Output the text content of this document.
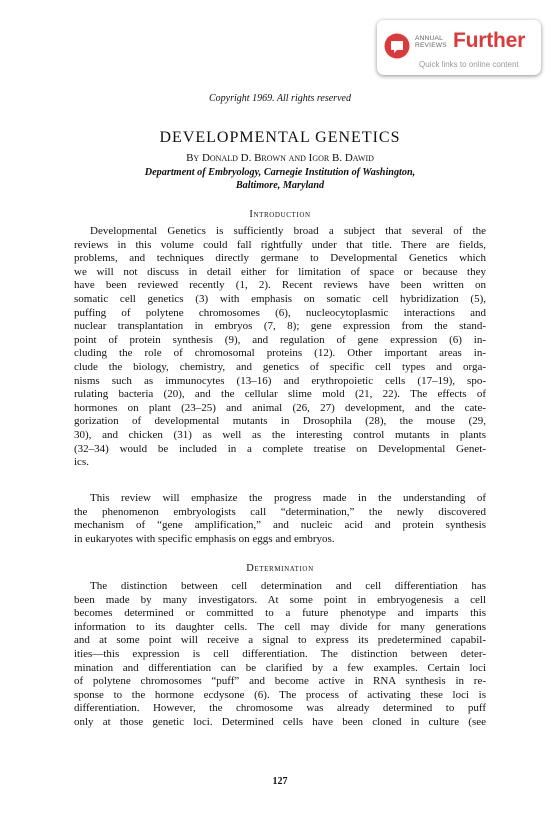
ANNUAL
REVIEWS Further
Quick links to online content
Copyright 1969. All rights reserved
DEVELOPMENTAL GENETICS
By Donald D. Brown and Igor B. Dawid
Department of Embryology, Carnegie Institution of Washington,
Baltimore, Maryland
Introduction
Developmental Genetics is sufficiently broad a subject that several of the
reviews in this volume could fall rightfully under that title. There are fields,
problems, and techniques directly germane to Developmental Genetics which
we will not discuss in detail either for limitation of space or because they
have been reviewed recently (1, 2). Recent reviews have been written on
somatic cell genetics (3) with emphasis on somatic cell hybridization (5),
puffing of polytene chromosomes (6), nucleocytoplasmic interactions and
nuclear transplantation in embryos (7, 8); gene expression from the stand-
point of protein synthesis (9), and regulation of gene expression (6) in-
cluding the role of chromosomal proteins (12). Other important areas in-
clude the biology, chemistry, and genetics of specific cell types and orga-
nisms such as immunocytes (13–16) and erythropoietic cells (17–19), spo-
rulating bacteria (20), and the cellular slime mold (21, 22). The effects of
hormones on plant (23–25) and animal (26, 27) development, and the cate-
gorization of developmental mutants in Drosophila (28), the mouse (29,
30), and chicken (31) as well as the interesting control mutants in plants
(32–34) would be included in a complete treatise on Developmental Genet-
ics.
This review will emphasize the progress made in the understanding of
the phenomenon embryologists call “determination,” the newly discovered
mechanism of “gene amplification,” and nucleic acid and protein synthesis
in eukaryotes with specific emphasis on eggs and embryos.
Determination
The distinction between cell determination and cell differentiation has
been made by many investigators. At some point in embryogenesis a cell
becomes determined or committed to a future phenotype and imparts this
information to its daughter cells. The cell may divide for many generations
and at some point will receive a signal to express its predetermined capabil-
ities—this expression is cell differentiation. The distinction between deter-
mination and differentiation can be clarified by a few examples. Certain loci
of polytene chromosomes “puff” and become active in RNA synthesis in re-
sponse to the hormone ecdysone (6). The process of activating these loci is
differentiation. However, the chromosome was already determined to puff
only at those genetic loci. Determined cells have been cloned in culture (see
127
